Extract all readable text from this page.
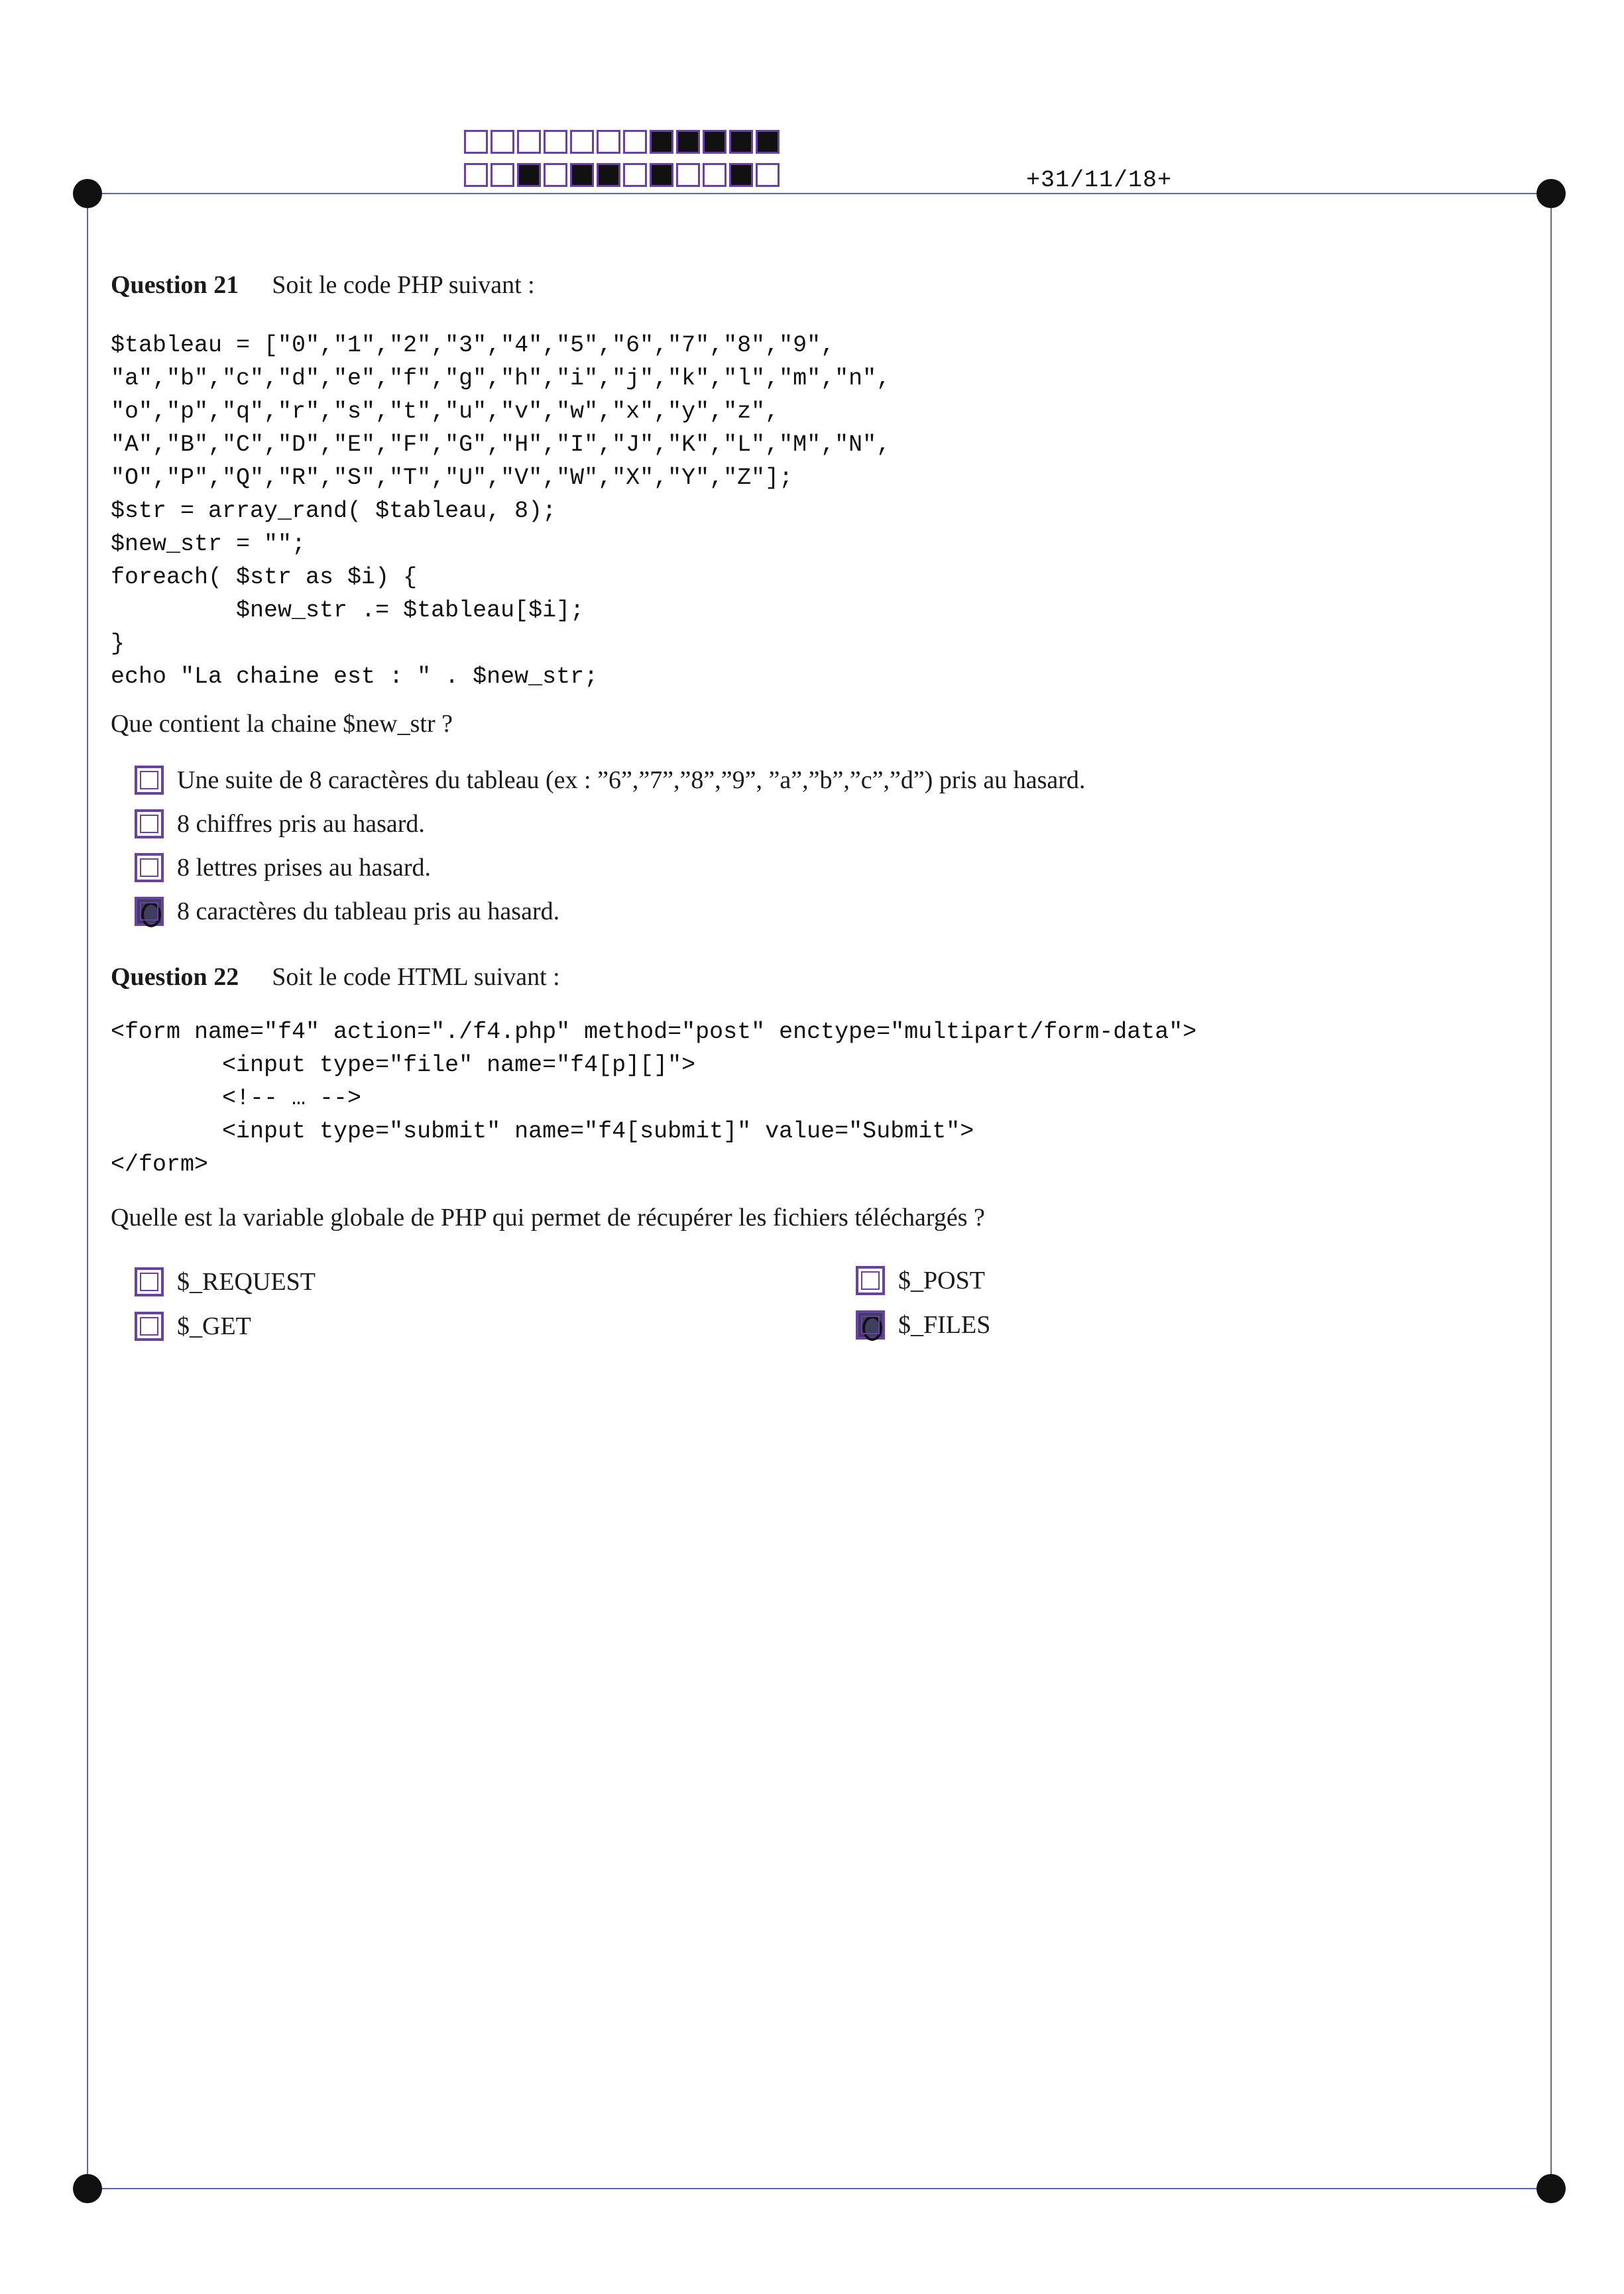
+31/11/18+
Question 21 Soit le code PHP suivant :
$tableau = ["0","1","2","3","4","5","6","7","8","9",
"a","b","c","d","e","f","g","h","i","j","k","l","m","n",
"o","p","q","r","s","t","u","v","w","x","y","z",
"A","B","C","D","E","F","G","H","I","J","K","L","M","N",
"O","P","Q","R","S","T","U","V","W","X","Y","Z"];
$str = array_rand( $tableau, 8);
$new_str = "";
foreach( $str as $i) {
$new_str .= $tableau[$i];
}
echo "La chaine est : " . $new_str;
Que contient la chaine $new_str ?
Une suite de 8 caractères du tableau (ex : ”6”,”7”,”8”,”9”, ”a”,”b”,”c”,”d”) pris au hasard.
8 chiffres pris au hasard.
8 lettres prises au hasard.
8 caractères du tableau pris au hasard.
Question 22 Soit le code HTML suivant :
<form name="f4" action="./f4.php" method="post" enctype="multipart/form-data">
<input type="file" name="f4[p][]">
<!-- … -->
<input type="submit" name="f4[submit]" value="Submit">
</form>
Quelle est la variable globale de PHP qui permet de récupérer les fichiers téléchargés ?
$_REQUEST
$_GET
$_POST
$_FILES
